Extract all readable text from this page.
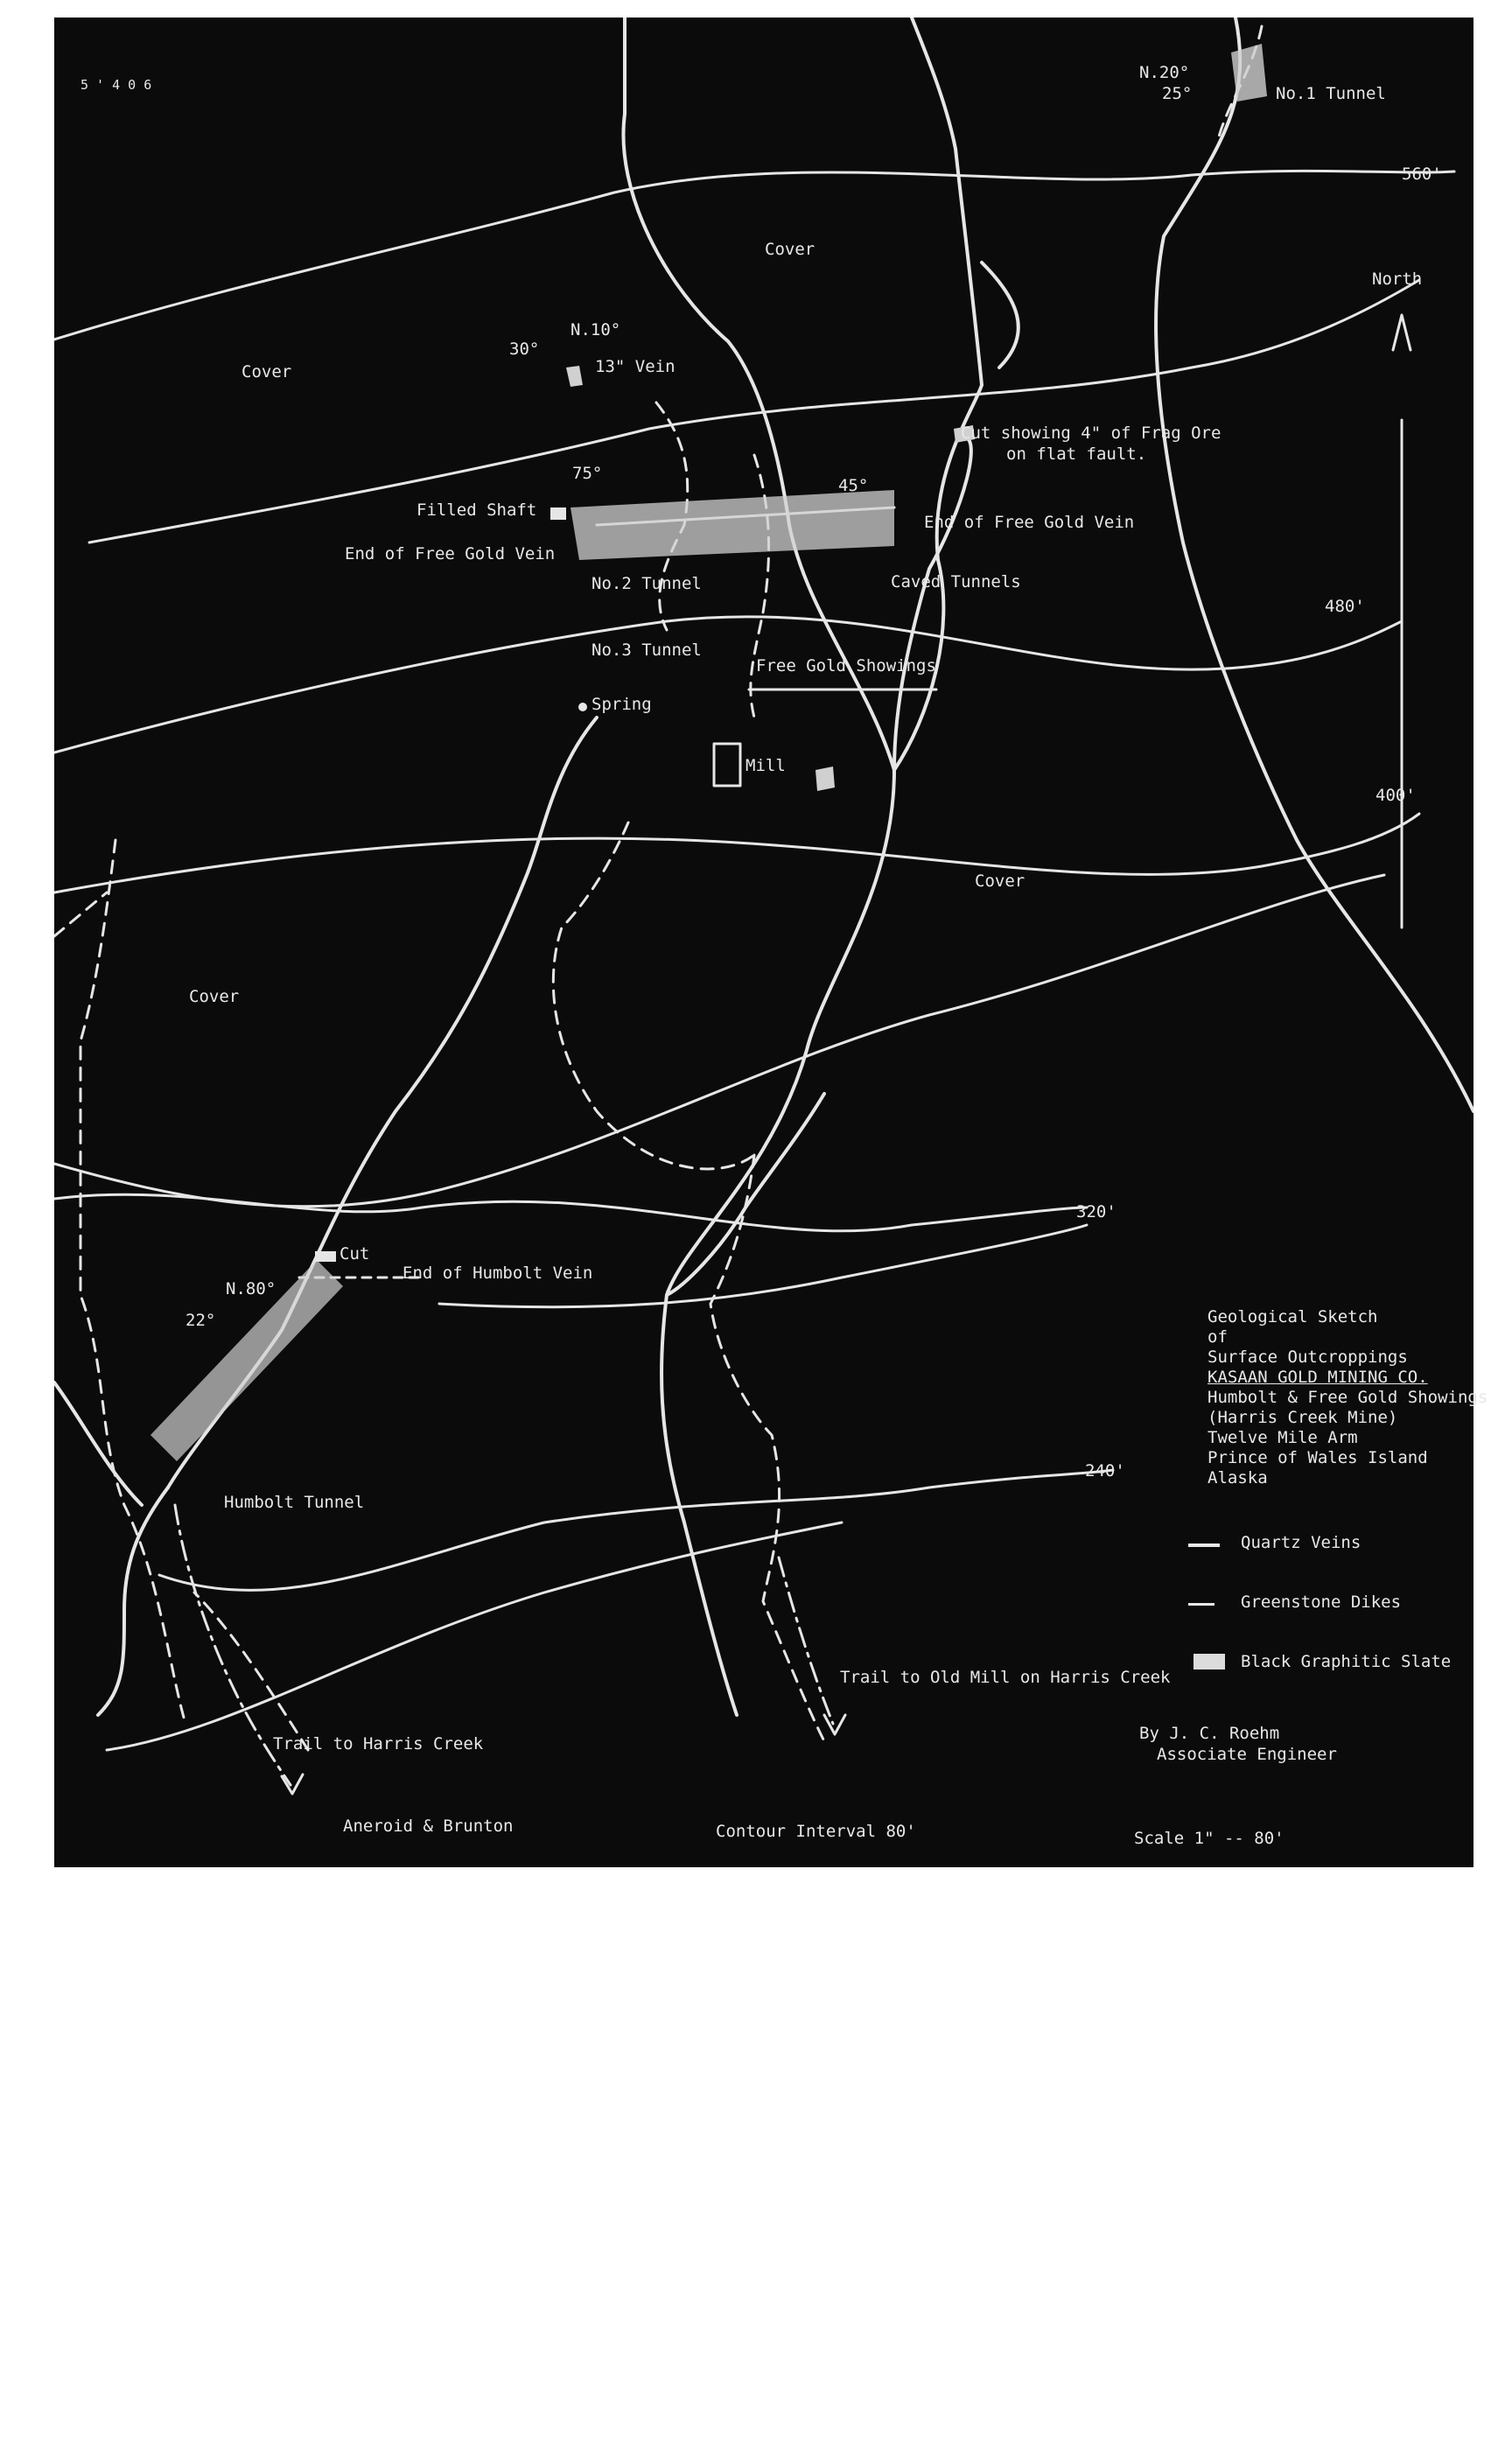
5 ' 4 0 6
560'
480'
400'
320'
240'
North
Cover
Cover
Cover
Cover
N.20°
25°	No.1 Tunnel
N.10°
30°
13" Vein
Cut showing 4" of Frag Ore
on flat fault.
75°
45°
Filled Shaft
End of Free Gold Vein
End of Free Gold Vein
No.2 Tunnel	Caved Tunnels
No.3 Tunnel
Free Gold Showings
Spring
Mill
Cut
End of Humbolt Vein
N.80°
22°
Humbolt Tunnel
Trail to Old Mill on Harris Creek
Trail to Harris Creek
Geological Sketch
of
Surface Outcroppings
KASAAN GOLD MINING CO.
Humbolt & Free Gold Showings
(Harris Creek Mine)
Twelve Mile Arm
Prince of Wales Island
Alaska
Quartz Veins
Greenstone Dikes
Black Graphitic Slate
By J. C. Roehm
Associate Engineer
Aneroid & Brunton	Contour Interval 80'	Scale 1" -- 80'
